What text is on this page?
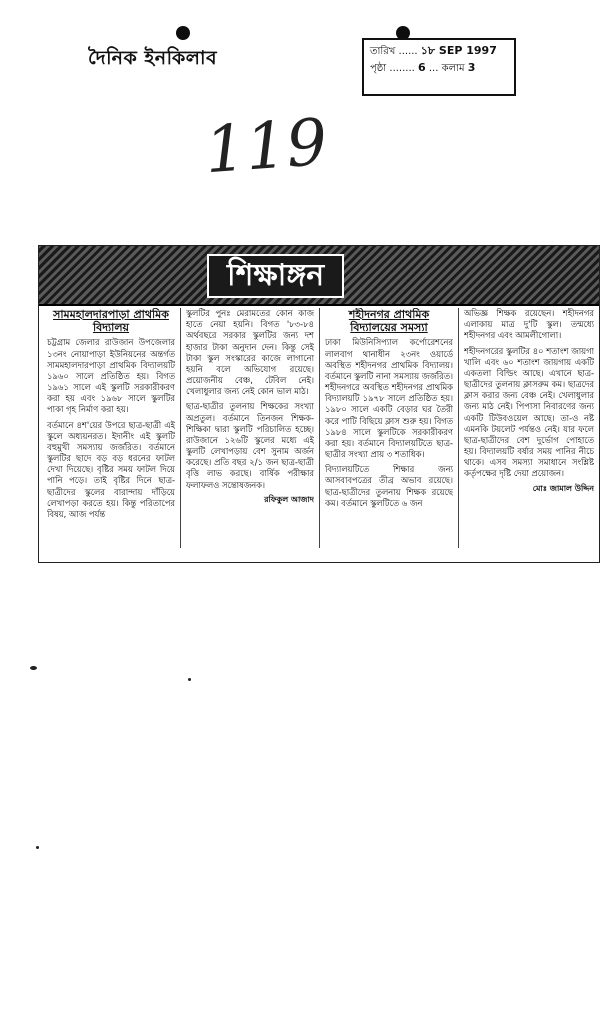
দৈনিক ইনকিলাব	তারিখ ...... ১৮ SEP 1997
পৃষ্ঠা ........ 6 ... কলাম 3
119
শিক্ষাঙ্গন
সামমহালদারপাড়া প্রাথমিক বিদ্যালয়

চট্টগ্রাম জেলার রাউজান উপজেলার ১৩নং নোয়াপাড়া ইউনিয়নের অন্তর্গত সামমহালদারপাড়া প্রাথমিক বিদ্যালয়টি ১৯৬০ সালে প্রতিষ্ঠিত হয়। বিগত ১৯৬১ সালে এই স্কুলটি সরকারীকরণ করা হয় এবং ১৯৬৮ সালে স্কুলটির পাকা গৃহ নির্মাণ করা হয়।

বর্তমানে ৪শ'য়ের উপরে ছাত্র-ছাত্রী এই স্কুলে অধ্যয়নরত। ইদানীং এই স্কুলটি বহুমুখী সমস্যায় জর্জরিত। বর্তমানে স্কুলটির ছাদে বড় বড় ধরনের ফাটল দেখা দিয়েছে। বৃষ্টির সময় ফাটল দিয়ে পানি পড়ে। তাই বৃষ্টির দিনে ছাত্র-ছাত্রীদের স্কুলের বারান্দায় দাঁড়িয়ে লেখাপড়া করতে হয়। কিন্তু পরিতাপের বিষয়, আজ পর্যন্ত

স্কুলটির পুনঃ মেরামতের কোন কাজ হাতে নেয়া হয়নি। বিগত '৮৩-৮৪ অর্থবছরে সরকার স্কুলটির জন্য দশ হাজার টাকা অনুদান দেন। কিন্তু সেই টাকা স্কুল সংস্কারের কাজে লাগানো হয়নি বলে অভিযোগ রয়েছে। প্রয়োজনীয় বেঞ্চ, টেবিল নেই। খেলাধুলার জন্য নেই কোন ভাল মাঠ।

ছাত্র-ছাত্রীর তুলনায় শিক্ষকের সংখ্যা অপ্রতুল। বর্তমানে তিনজন শিক্ষক-শিক্ষিকা দ্বারা স্কুলটি পরিচালিত হচ্ছে। রাউজানে ১২৬টি স্কুলের মধ্যে এই স্কুলটি লেখাপড়ায় বেশ সুনাম অর্জন করেছে। প্রতি বছর ২/১ জন ছাত্র-ছাত্রী বৃত্তি লাভ করছে। বার্ষিক পরীক্ষার ফলাফলও সন্তোষজনক।

রফিকুল আজাদ
শহীদনগর প্রাথমিক বিদ্যালয়ের সমস্যা

ঢাকা মিউনিসিপ্যাল কর্পোরেশনের লালবাগ থানাধীন ২৩নং ওয়ার্ডে অবস্থিত শহীদনগর প্রাথমিক বিদ্যালয়। বর্তমানে স্কুলটি নানা সমস্যায় জর্জরিত। শহীদনগরে অবস্থিত শহীদনগর প্রাথমিক বিদ্যালয়টি ১৯৭৮ সালে প্রতিষ্ঠিত হয়। ১৯৮০ সালে একটি বেড়ার ঘর তৈরী করে পাটি বিছিয়ে ক্লাস শুরু হয়। বিগত ১৯৮৪ সালে স্কুলটিকে সরকারীকরণ করা হয়। বর্তমানে বিদ্যালয়টিতে ছাত্র-ছাত্রীর সংখ্যা প্রায় ৩ শতাধিক।

বিদ্যালয়টিতে শিক্ষার জন্য আসবাবপত্রের তীব্র অভাব রয়েছে। ছাত্র-ছাত্রীদের তুলনায় শিক্ষক রয়েছে কম। বর্তমানে স্কুলটিতে ৬ জন

অভিজ্ঞ শিক্ষক রয়েছেন। শহীদনগর এলাকায় মাত্র দু'টি স্কুল। তন্মধ্যে শহীদনগর এবং আমলীগোলা।

শহীদনগরের স্কুলটির ৪০ শতাংশ জায়গা খালি এবং ৬০ শতাংশ জায়গায় একটি একতলা বিল্ডিং আছে। এখানে ছাত্র-ছাত্রীদের তুলনায় ক্লাসরুম কম। ছাত্রদের ক্লাস করার জন্য বেঞ্চ নেই। খেলাধুলার জন্য মাঠ নেই। পিপাসা নিবারণের জন্য একটি টিউবওয়েল আছে। তা-ও নষ্ট এমনকি টয়লেট পর্যন্তও নেই। যার ফলে ছাত্র-ছাত্রীদের বেশ দুর্ভোগ পোহাতে হয়। বিদ্যালয়টি বর্ষার সময় পানির নীচে থাকে। এসব সমস্যা সমাধানে সংশ্লিষ্ট কর্তৃপক্ষের দৃষ্টি দেয়া প্রয়োজন।

মোঃ জামাল উদ্দিন
